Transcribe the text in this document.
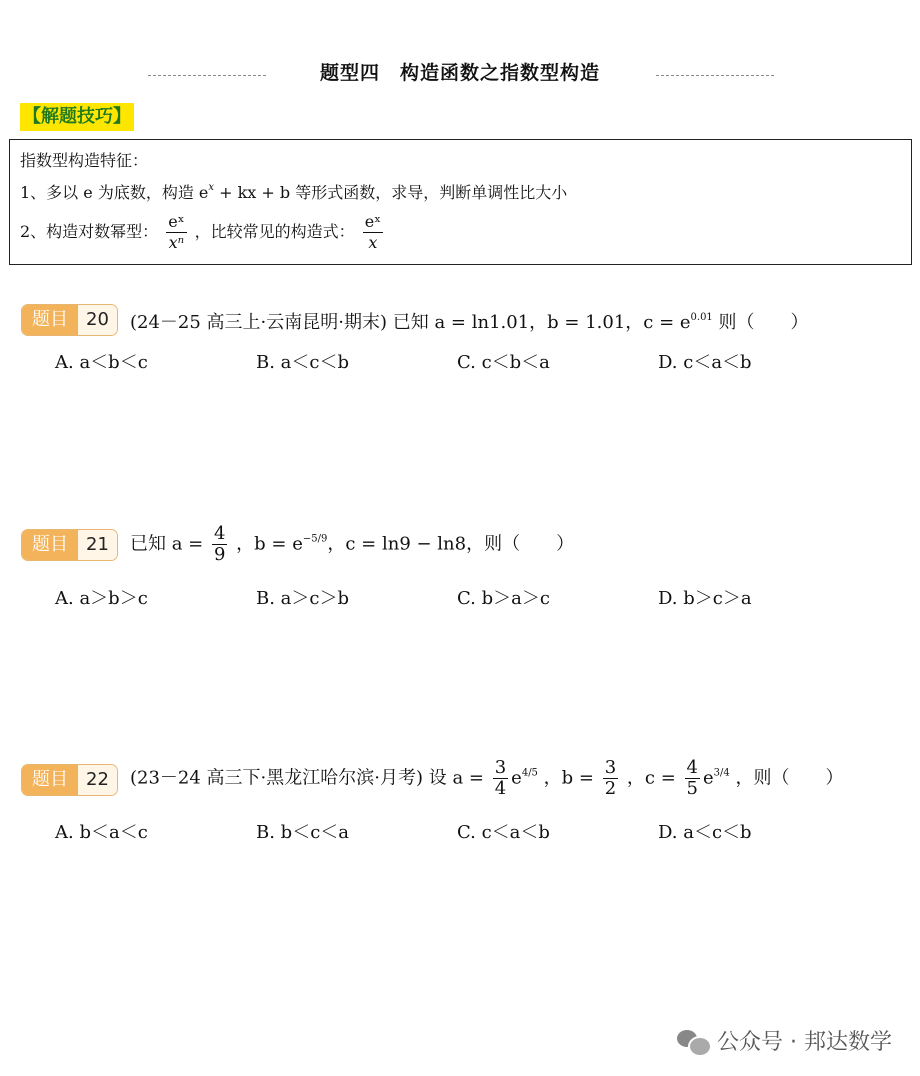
题型四　构造函数之指数型构造
【解题技巧】
指数型构造特征：
1、多以 e 为底数，构造 $e^x$ + kx + b 等形式函数，求导，判断单调性比大小
2、构造对数幂型： $\frac{\text{eˣ}}{\text{xⁿ}}$ ，比较常见的构造式： $\frac{\text{eˣ}}{x}$
题目	20	(24－25 高三上·云南昆明·期末) 已知 a = ln1.01，b = 1.01，$c = e^{0.01}$ 则（　　）
A. a＜b＜c	B. a＜c＜b	C. c＜b＜a	D. c＜a＜b
题目	21	已知 $a = \frac{4}{9}$ ，$b = e^{-5/9}$，c = ln9 − ln8，则（　　）
A. a＞b＞c	B. a＞c＞b	C. b＞a＞c	D. b＞c＞a
题目	22	(23－24 高三下·黑龙江哈尔滨·月考) 设 $a = \frac{3}{4} e^{4/5}$ ，$b = \frac{3}{2}$ ，$c = \frac{4}{5} e^{3/4}$ ，则（　　）
A. b＜a＜c	B. b＜c＜a	C. c＜a＜b	D. a＜c＜b
公众号 · 邦达数学
